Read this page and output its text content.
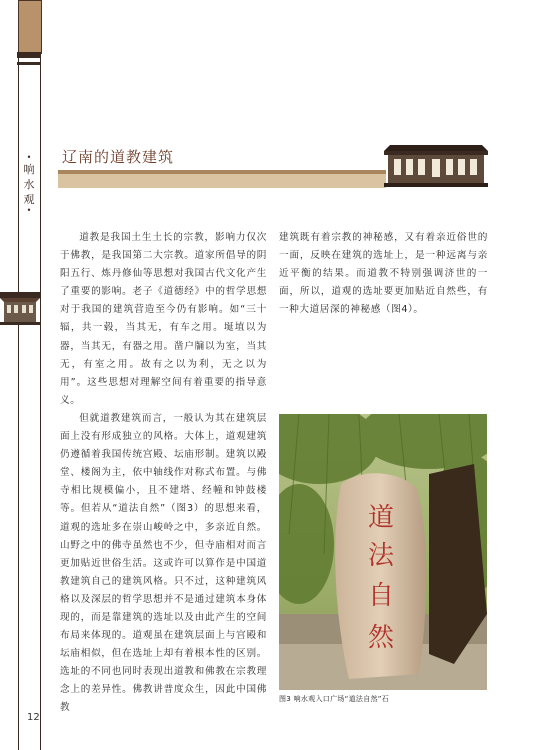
•
响
水
观
•
12
辽南的道教建筑

道教是我国土生土长的宗教，影响力仅次于佛教，是我国第二大宗教。道家所倡导的阴阳五行、炼丹修仙等思想对我国古代文化产生了重要的影响。老子《道德经》中的哲学思想对于我国的建筑营造至今仍有影响。如“三十辐，共一毂，当其无，有车之用。埏埴以为器，当其无，有器之用。凿户牖以为室，当其无，有室之用。故有之以为利，无之以为用”。这些思想对理解空间有着重要的指导意义。

但就道教建筑而言，一般认为其在建筑层面上没有形成独立的风格。大体上，道观建筑仍遵循着我国传统宫殿、坛庙形制。建筑以殿堂、楼阁为主，依中轴线作对称式布置。与佛寺相比规模偏小，且不建塔、经幢和钟鼓楼等。但若从“道法自然”（图3）的思想来看，道观的选址多在崇山峻岭之中，多亲近自然。山野之中的佛寺虽然也不少，但寺庙相对而言更加贴近世俗生活。这或许可以算作是中国道教建筑自己的建筑风格。只不过，这种建筑风格以及深层的哲学思想并不是通过建筑本身体现的，而是靠建筑的选址以及由此产生的空间布局来体现的。道观虽在建筑层面上与宫殿和坛庙相似，但在选址上却有着根本性的区别。选址的不同也同时表现出道教和佛教在宗教理念上的差异性。佛教讲普度众生，因此中国佛教

建筑既有着宗教的神秘感，又有着亲近俗世的一面，反映在建筑的选址上，是一种远离与亲近平衡的结果。而道教不特别强调济世的一面，所以，道观的选址要更加贴近自然些，有一种大道居深的神秘感（图4）。

道
法
自
然
图3 响水观入口广场“道法自然”石
